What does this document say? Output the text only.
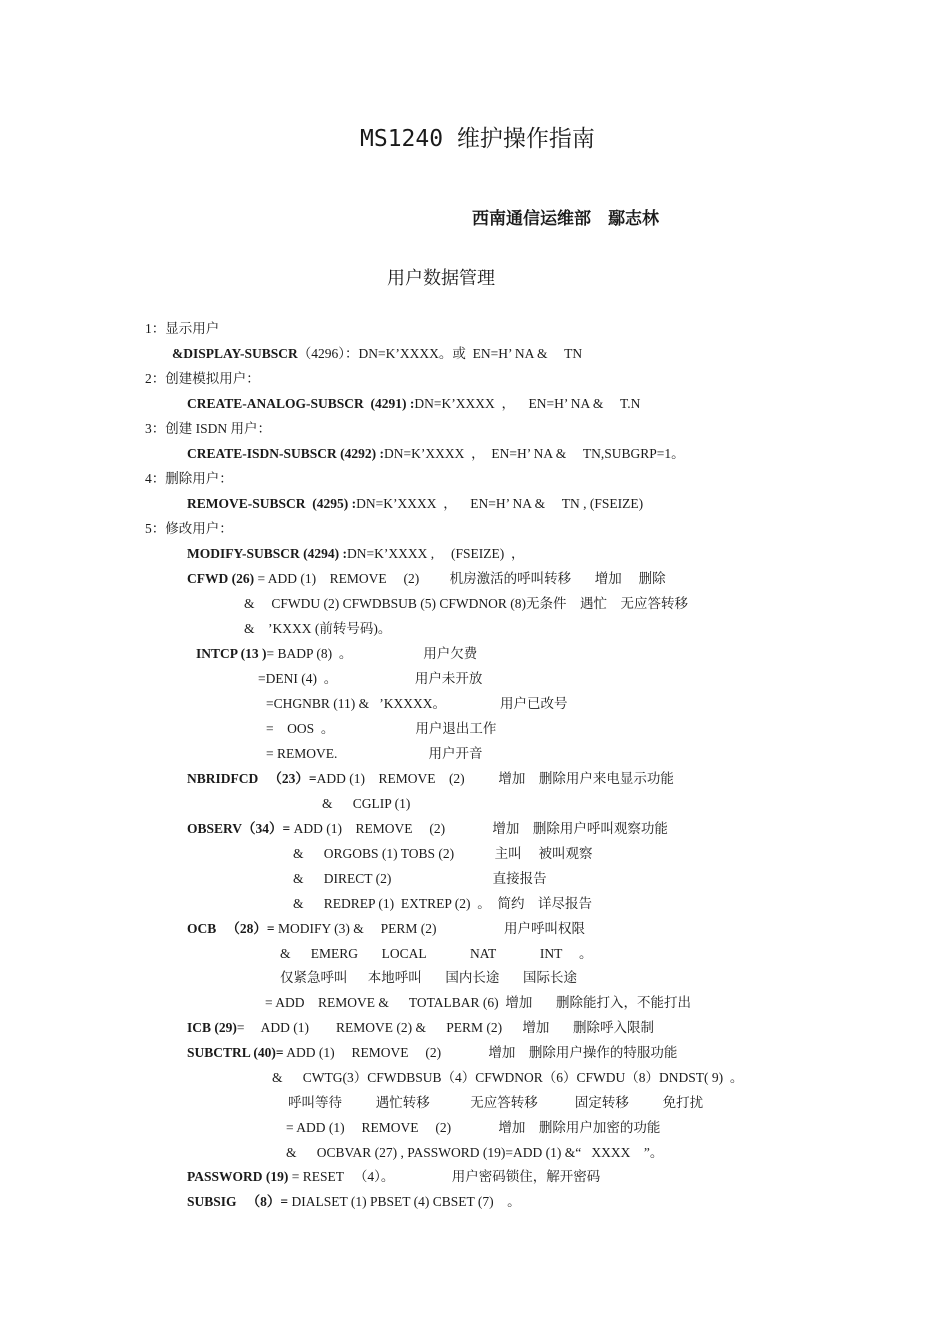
MS1240 维护操作指南
西南通信运维部　鄢志林
用户数据管理
1：显示用户
&DISPLAY-SUBSCR（4296）：DN=K’XXXX。或  EN=H’ NA &     TN
2：创建模拟用户：
CREATE-ANALOG-SUBSCR  (4291) :DN=K’XXXX  ，    EN=H’ NA &     T.N
3：创建 ISDN 用户：
CREATE-ISDN-SUBSCR (4292) :DN=K’XXXX  ，  EN=H’ NA &     TN,SUBGRP=1。
4：删除用户：
REMOVE-SUBSCR  (4295) :DN=K’XXXX  ，    EN=H’ NA &     TN , (FSEIZE)
5：修改用户：
MODIFY-SUBSCR (4294) :DN=K’XXXX ,     (FSEIZE)  ，
CFWD (26) = ADD (1)    REMOVE     (2)         机房激活的呼叫转移       增加     删除
&     CFWDU (2) CFWDBSUB (5) CFWDNOR (8)无条件    遇忙    无应答转移
&    ’KXXX (前转号码)。
INTCP (13 )= BADP (8)  。                     用户欠费
=DENI (4)  。                       用户未开放
=CHGNBR (11) &   ’KXXXX。                用户已改号
=    OOS  。                        用户退出工作
= REMOVE.                           用户开音
NBRIDFCD   （23）=ADD (1)    REMOVE    (2)          增加    删除用户来电显示功能
&      CGLIP (1)
OBSERV（34）= ADD (1)    REMOVE     (2)              增加    删除用户呼叫观察功能
&      ORGOBS (1) TOBS (2)            主叫     被叫观察
&      DIRECT (2)                              直接报告
&      REDREP (1)  EXTREP (2)  。  简约    详尽报告
OCB   （28）= MODIFY (3) &     PERM (2)                    用户呼叫权限
&      EMERG       LOCAL             NAT             INT     。
仅紧急呼叫      本地呼叫       国内长途       国际长途
= ADD    REMOVE &      TOTALBAR (6)  增加       删除能打入，不能打出
ICB (29)=     ADD (1)        REMOVE (2) &      PERM (2)      增加       删除呼入限制
SUBCTRL (40)= ADD (1)     REMOVE     (2)              增加    删除用户操作的特服功能
&      CWTG(3）CFWDBSUB（4）CFWDNOR（6）CFWDU（8）DNDST( 9)  。
呼叫等待          遇忙转移            无应答转移           固定转移          免打扰
= ADD (1)     REMOVE     (2)              增加    删除用户加密的功能
&      OCBVAR (27) , PASSWORD (19)=ADD (1) &“   XXXX    ”。
PASSWORD (19) = RESET   （4）。                 用户密码锁住，解开密码
SUBSIG   （8）= DIALSET (1) PBSET (4) CBSET (7)    。
